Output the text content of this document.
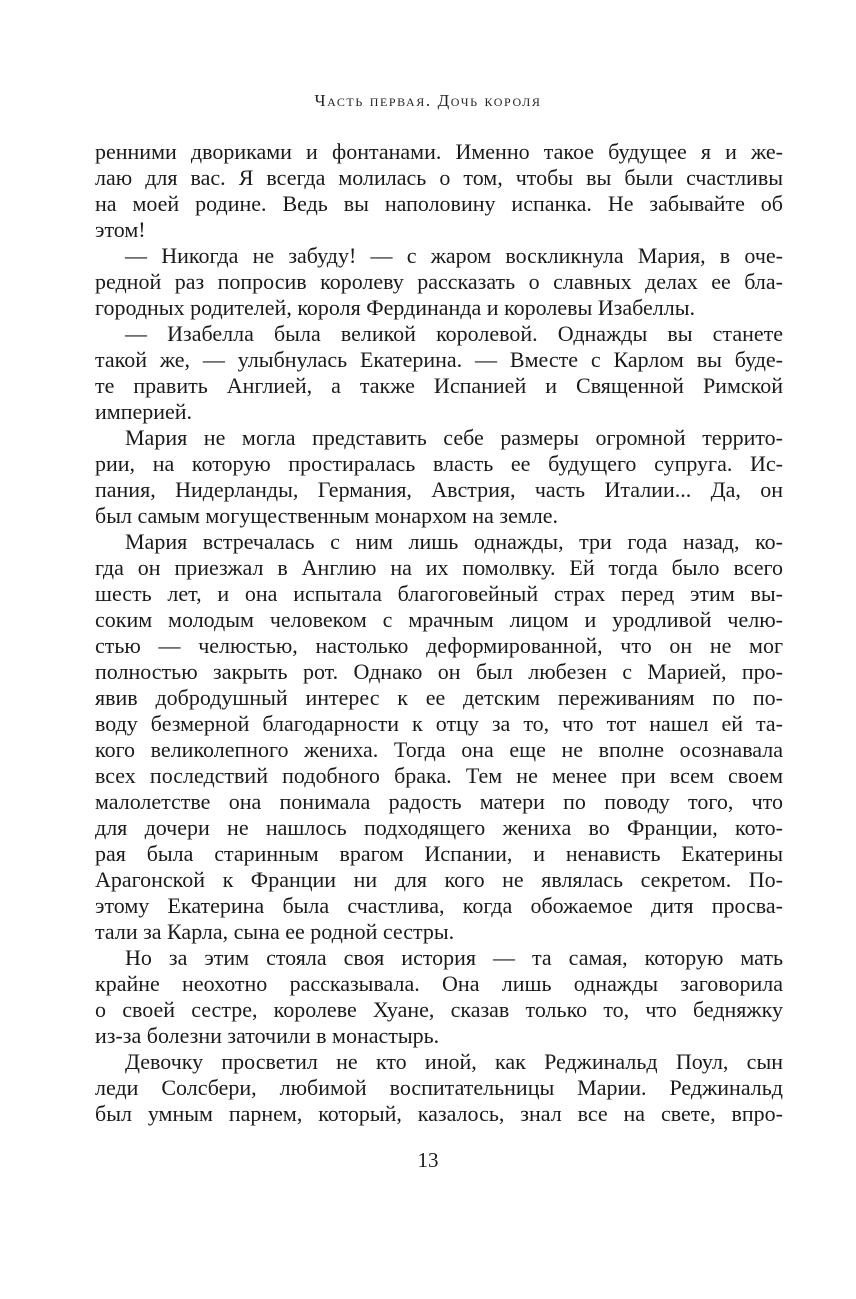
Часть первая. Дочь короля
ренними двориками и фонтанами. Именно такое будущее я и же-
лаю для вас. Я всегда молилась о том, чтобы вы были счастливы
на моей родине. Ведь вы наполовину испанка. Не забывайте об
этом!
— Никогда не забуду! — с жаром воскликнула Мария, в оче-
редной раз попросив королеву рассказать о славных делах ее бла-
городных родителей, короля Фердинанда и королевы Изабеллы.
— Изабелла была великой королевой. Однажды вы станете
такой же, — улыбнулась Екатерина. — Вместе с Карлом вы буде-
те править Англией, а также Испанией и Священной Римской
империей.
Мария не могла представить себе размеры огромной террито-
рии, на которую простиралась власть ее будущего супруга. Ис-
пания, Нидерланды, Германия, Австрия, часть Италии... Да, он
был самым могущественным монархом на земле.
Мария встречалась с ним лишь однажды, три года назад, ко-
гда он приезжал в Англию на их помолвку. Ей тогда было всего
шесть лет, и она испытала благоговейный страх перед этим вы-
соким молодым человеком с мрачным лицом и уродливой челю-
стью — челюстью, настолько деформированной, что он не мог
полностью закрыть рот. Однако он был любезен с Марией, про-
явив добродушный интерес к ее детским переживаниям по по-
воду безмерной благодарности к отцу за то, что тот нашел ей та-
кого великолепного жениха. Тогда она еще не вполне осознавала
всех последствий подобного брака. Тем не менее при всем своем
малолетстве она понимала радость матери по поводу того, что
для дочери не нашлось подходящего жениха во Франции, кото-
рая была старинным врагом Испании, и ненависть Екатерины
Арагонской к Франции ни для кого не являлась секретом. По-
этому Екатерина была счастлива, когда обожаемое дитя просва-
тали за Карла, сына ее родной сестры.
Но за этим стояла своя история — та самая, которую мать
крайне неохотно рассказывала. Она лишь однажды заговорила
о своей сестре, королеве Хуане, сказав только то, что бедняжку
из-за болезни заточили в монастырь.
Девочку просветил не кто иной, как Реджинальд Поул, сын
леди Солсбери, любимой воспитательницы Марии. Реджинальд
был умным парнем, который, казалось, знал все на свете, впро-
13
